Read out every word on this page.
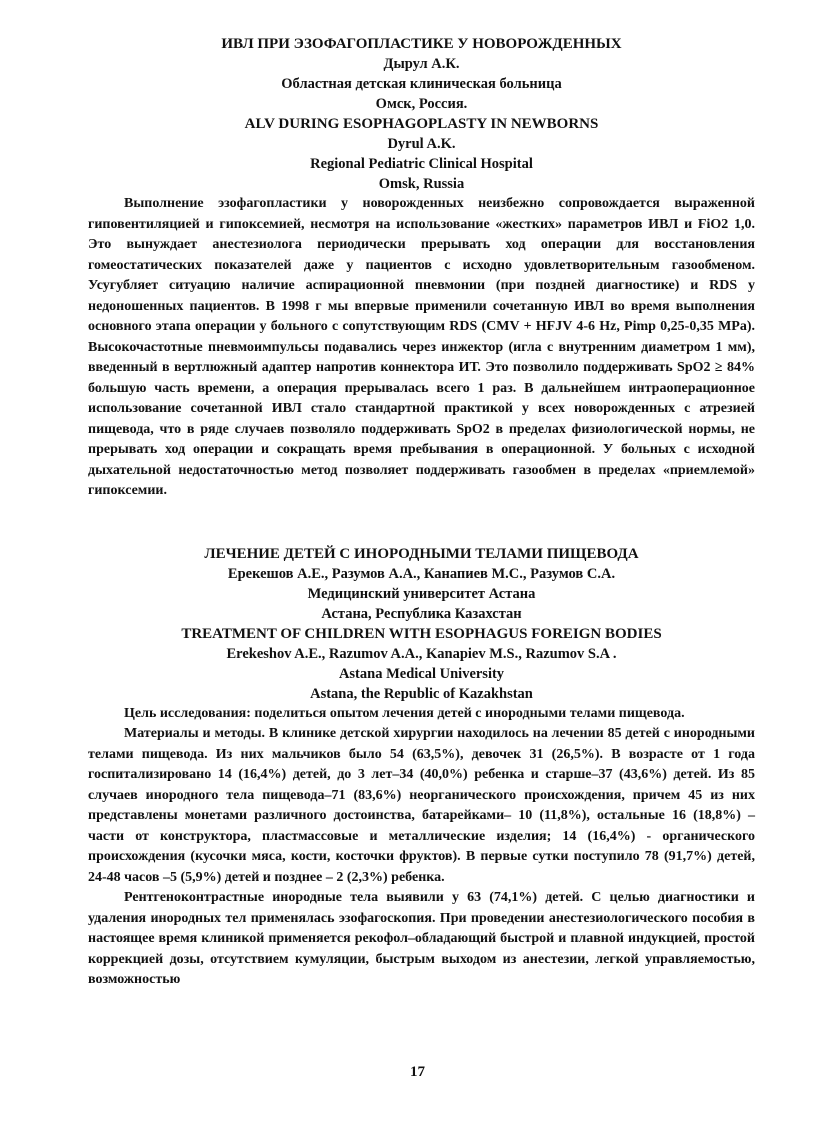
ИВЛ ПРИ ЭЗОФАГОПЛАСТИКЕ У НОВОРОЖДЕННЫХ

Дырул А.К.

Областная детская клиническая больница

Омск, Россия.

ALV DURING ESOPHAGOPLASTY IN NEWBORNS

Dyrul A.K.

Regional Pediatric Clinical Hospital

Omsk, Russia

Выполнение эзофагопластики у новорожденных неизбежно сопровождается выраженной гиповентиляцией и гипоксемией, несмотря на использование «жестких» параметров ИВЛ и FiO2 1,0. Это вынуждает анестезиолога периодически прерывать ход операции для восстановления гомеостатических показателей даже у пациентов с исходно удовлетворительным газообменом. Усугубляет ситуацию наличие аспирационной пневмонии (при поздней диагностике) и RDS у недоношенных пациентов. В 1998 г мы впервые применили сочетанную ИВЛ во время выполнения основного этапа операции у больного с сопутствующим RDS (CMV + HFJV 4-6 Hz, Pimp 0,25-0,35 MPa). Высокочастотные пневмоимпульсы подавались через инжектор (игла с внутренним диаметром 1 мм), введенный в вертлюжный адаптер напротив коннектора ИТ. Это позволило поддерживать SpO2 ≥ 84% большую часть времени, а операция прерывалась всего 1 раз. В дальнейшем интраоперационное использование сочетанной ИВЛ стало стандартной практикой у всех новорожденных с атрезией пищевода, что в ряде случаев позволяло поддерживать SpO2 в пределах физиологической нормы, не прерывать ход операции и сокращать время пребывания в операционной. У больных с исходной дыхательной недостаточностью метод позволяет поддерживать газообмен в пределах «приемлемой» гипоксемии.

ЛЕЧЕНИЕ ДЕТЕЙ С ИНОРОДНЫМИ ТЕЛАМИ ПИЩЕВОДА

Ерекешов А.Е., Разумов А.А., Канапиев М.С., Разумов С.А.

Медицинский университет Астана

Астана, Республика Казахстан

TREATMENT OF CHILDREN WITH ESOPHAGUS FOREIGN BODIES

Erekeshov A.E., Razumov A.A., Kanapiev M.S., Razumov S.A .

Astana Medical University

Astana, the Republic of Kazakhstan

Цель исследования: поделиться опытом лечения детей с инородными телами пищевода.

Материалы и методы. В клинике детской хирургии находилось на лечении 85 детей с инородными телами пищевода. Из них мальчиков было 54 (63,5%), девочек 31 (26,5%). В возрасте от 1 года госпитализировано 14 (16,4%) детей, до 3 лет–34 (40,0%) ребенка и старше–37 (43,6%) детей. Из 85 случаев инородного тела пищевода–71 (83,6%) неорганического происхождения, причем 45 из них представлены монетами различного достоинства, батарейками– 10 (11,8%), остальные 16 (18,8%) – части от конструктора, пластмассовые и металлические изделия; 14 (16,4%) - органического происхождения (кусочки мяса, кости, косточки фруктов). В первые сутки поступило 78 (91,7%) детей, 24-48 часов –5 (5,9%) детей и позднее – 2 (2,3%) ребенка.

Рентгеноконтрастные инородные тела выявили у 63 (74,1%) детей. С целью диагностики и удаления инородных тел применялась эзофагоскопия. При проведении анестезиологического пособия в настоящее время клиникой применяется рекофол–обладающий быстрой и плавной индукцией, простой коррекцией дозы, отсутствием кумуляции, быстрым выходом из анестезии, легкой управляемостью, возможностью

17
